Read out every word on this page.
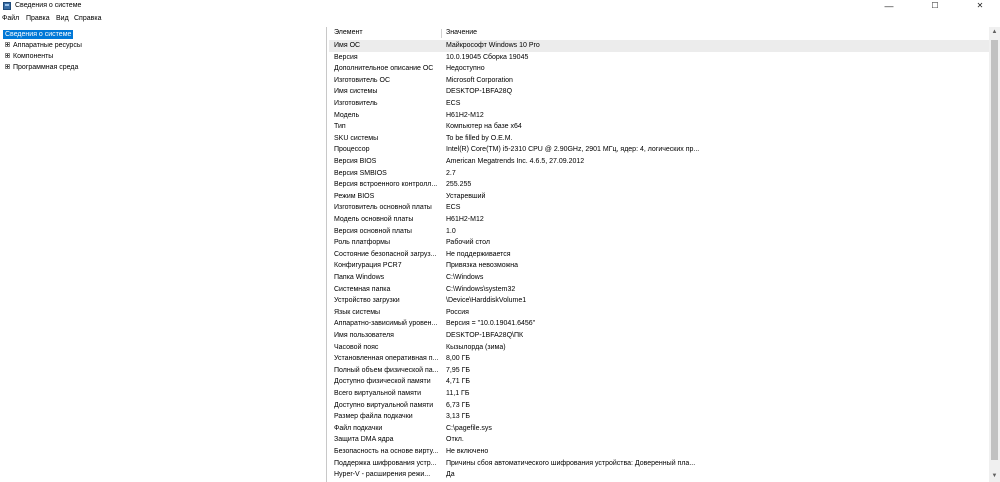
Сведения о системе	—	☐	✕
Файл Правка Вид Справка
Сведения о системе
Аппаратные ресурсы
Компоненты
Программная среда
Элемент	Значение
Имя ОС	Майкрософт Windows 10 Pro
Версия	10.0.19045 Сборка 19045
Дополнительное описание ОС	Недоступно
Изготовитель ОС	Microsoft Corporation
Имя системы	DESKTOP-1BFA28Q
Изготовитель	ECS
Модель	H61H2-M12
Тип	Компьютер на базе x64
SKU системы	To be filled by O.E.M.
Процессор	Intel(R) Core(TM) i5-2310 CPU @ 2.90GHz, 2901 МГц, ядер: 4, логических пр...
Версия BIOS	American Megatrends Inc. 4.6.5, 27.09.2012
Версия SMBIOS	2.7
Версия встроенного контролл...	255.255
Режим BIOS	Устаревший
Изготовитель основной платы	ECS
Модель основной платы	H61H2-M12
Версия основной платы	1.0
Роль платформы	Рабочий стол
Состояние безопасной загруз...	Не поддерживается
Конфигурация PCR7	Привязка невозможна
Папка Windows	C:\Windows
Системная папка	C:\Windows\system32
Устройство загрузки	\Device\HarddiskVolume1
Язык системы	Россия
Аппаратно-зависимый уровен...	Версия = "10.0.19041.6456"
Имя пользователя	DESKTOP-1BFA28Q\ПК
Часовой пояс	Кызылорда (зима)
Установленная оперативная п...	8,00 ГБ
Полный объем физической па...	7,95 ГБ
Доступно физической памяти	4,71 ГБ
Всего виртуальной памяти	11,1 ГБ
Доступно виртуальной памяти	6,73 ГБ
Размер файла подкачки	3,13 ГБ
Файл подкачки	C:\pagefile.sys
Защита DMA ядра	Откл.
Безопасность на основе вирту...	Не включено
Поддержка шифрования устр...	Причины сбоя автоматического шифрования устройства: Доверенный пла...
Hyper-V - расширения режи...	Да
▲
▼
